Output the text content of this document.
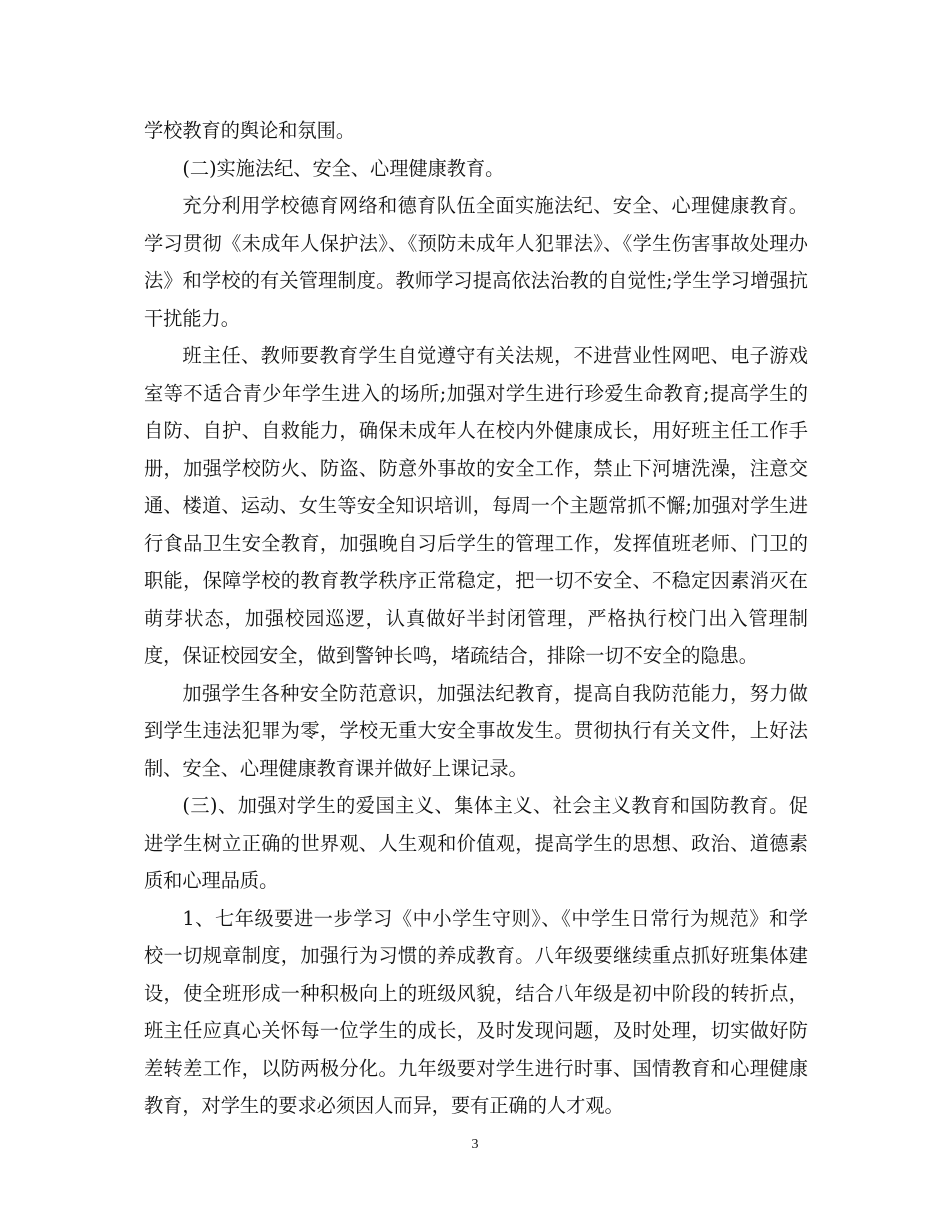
学校教育的舆论和氛围。

(二)实施法纪、安全、心理健康教育。

充分利用学校德育网络和德育队伍全面实施法纪、安全、心理健康教育。学习贯彻《未成年人保护法》、《预防未成年人犯罪法》、《学生伤害事故处理办法》和学校的有关管理制度。教师学习提高依法治教的自觉性;学生学习增强抗干扰能力。

班主任、教师要教育学生自觉遵守有关法规，不进营业性网吧、电子游戏室等不适合青少年学生进入的场所;加强对学生进行珍爱生命教育;提高学生的自防、自护、自救能力，确保未成年人在校内外健康成长，用好班主任工作手册，加强学校防火、防盗、防意外事故的安全工作，禁止下河塘洗澡，注意交通、楼道、运动、女生等安全知识培训，每周一个主题常抓不懈;加强对学生进行食品卫生安全教育，加强晚自习后学生的管理工作，发挥值班老师、门卫的职能，保障学校的教育教学秩序正常稳定，把一切不安全、不稳定因素消灭在萌芽状态，加强校园巡逻，认真做好半封闭管理，严格执行校门出入管理制度，保证校园安全，做到警钟长鸣，堵疏结合，排除一切不安全的隐患。

加强学生各种安全防范意识，加强法纪教育，提高自我防范能力，努力做到学生违法犯罪为零，学校无重大安全事故发生。贯彻执行有关文件，上好法制、安全、心理健康教育课并做好上课记录。

(三)、加强对学生的爱国主义、集体主义、社会主义教育和国防教育。促进学生树立正确的世界观、人生观和价值观，提高学生的思想、政治、道德素质和心理品质。

1、七年级要进一步学习《中小学生守则》、《中学生日常行为规范》和学校一切规章制度，加强行为习惯的养成教育。八年级要继续重点抓好班集体建设，使全班形成一种积极向上的班级风貌，结合八年级是初中阶段的转折点，班主任应真心关怀每一位学生的成长，及时发现问题，及时处理，切实做好防差转差工作，以防两极分化。九年级要对学生进行时事、国情教育和心理健康教育，对学生的要求必须因人而异，要有正确的人才观。

3
